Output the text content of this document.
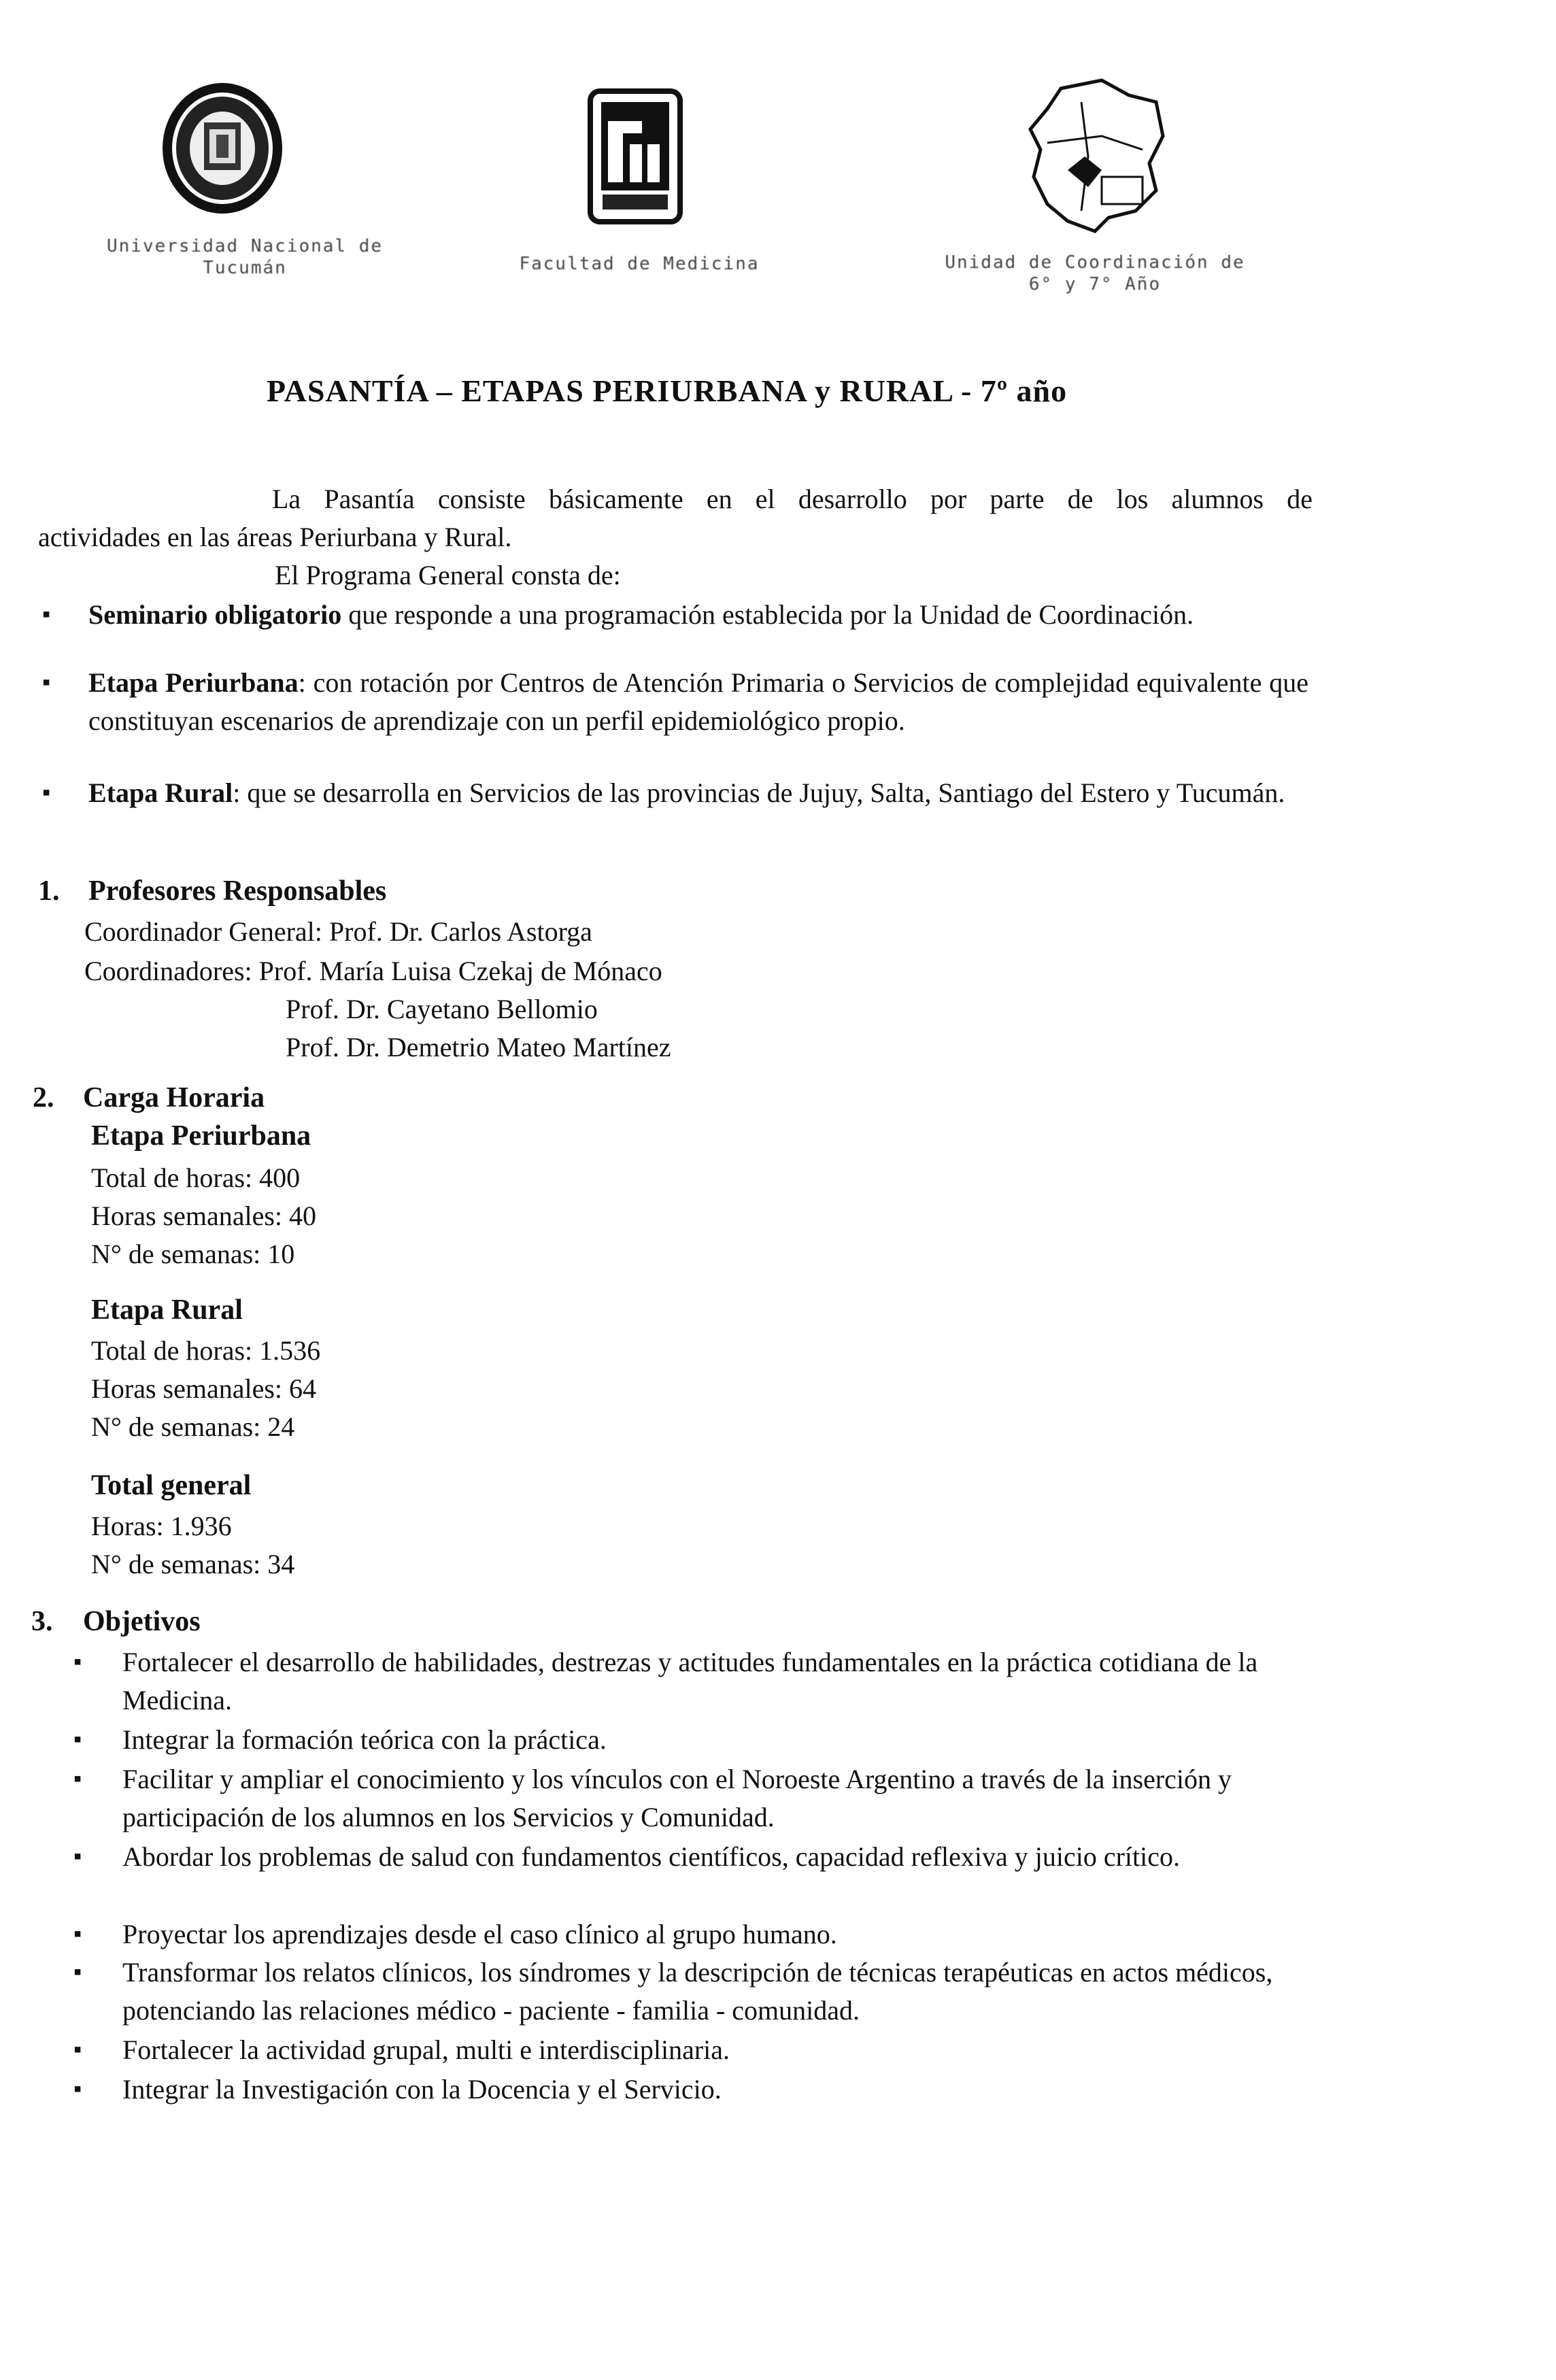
Universidad Nacional de
Tucumán	Facultad de Medicina	Unidad de Coordinación de
6° y 7° Año
PASANTÍA – ETAPAS PERIURBANA y RURAL - 7º año
La Pasantía consiste básicamente en el desarrollo por parte de los alumnos de
actividades en las áreas Periurbana y Rural.
El Programa General consta de:
▪ Seminario obligatorio que responde a una programación establecida por la Unidad de Coordinación.
▪ Etapa Periurbana: con rotación por Centros de Atención Primaria o Servicios de complejidad equivalente que constituyan escenarios de aprendizaje con un perfil epidemiológico propio.
▪ Etapa Rural: que se desarrolla en Servicios de las provincias de Jujuy, Salta, Santiago del Estero y Tucumán.
1. Profesores Responsables
Coordinador General: Prof. Dr. Carlos Astorga
Coordinadores: Prof. María Luisa Czekaj de Mónaco
Prof. Dr. Cayetano Bellomio
Prof. Dr. Demetrio Mateo Martínez
2. Carga Horaria
Etapa Periurbana
Total de horas: 400
Horas semanales: 40
N° de semanas: 10
Etapa Rural
Total de horas: 1.536
Horas semanales: 64
N° de semanas: 24
Total general
Horas: 1.936
N° de semanas: 34
3. Objetivos
▪ Fortalecer el desarrollo de habilidades, destrezas y actitudes fundamentales en la práctica cotidiana de la Medicina.
▪ Integrar la formación teórica con la práctica.
▪ Facilitar y ampliar el conocimiento y los vínculos con el Noroeste Argentino a través de la inserción y participación de los alumnos en los Servicios y Comunidad.
▪ Abordar los problemas de salud con fundamentos científicos, capacidad reflexiva y juicio crítico.
▪ Proyectar los aprendizajes desde el caso clínico al grupo humano.
▪ Transformar los relatos clínicos, los síndromes y la descripción de técnicas terapéuticas en actos médicos, potenciando las relaciones médico - paciente - familia - comunidad.
▪ Fortalecer la actividad grupal, multi e interdisciplinaria.
▪ Integrar la Investigación con la Docencia y el Servicio.
